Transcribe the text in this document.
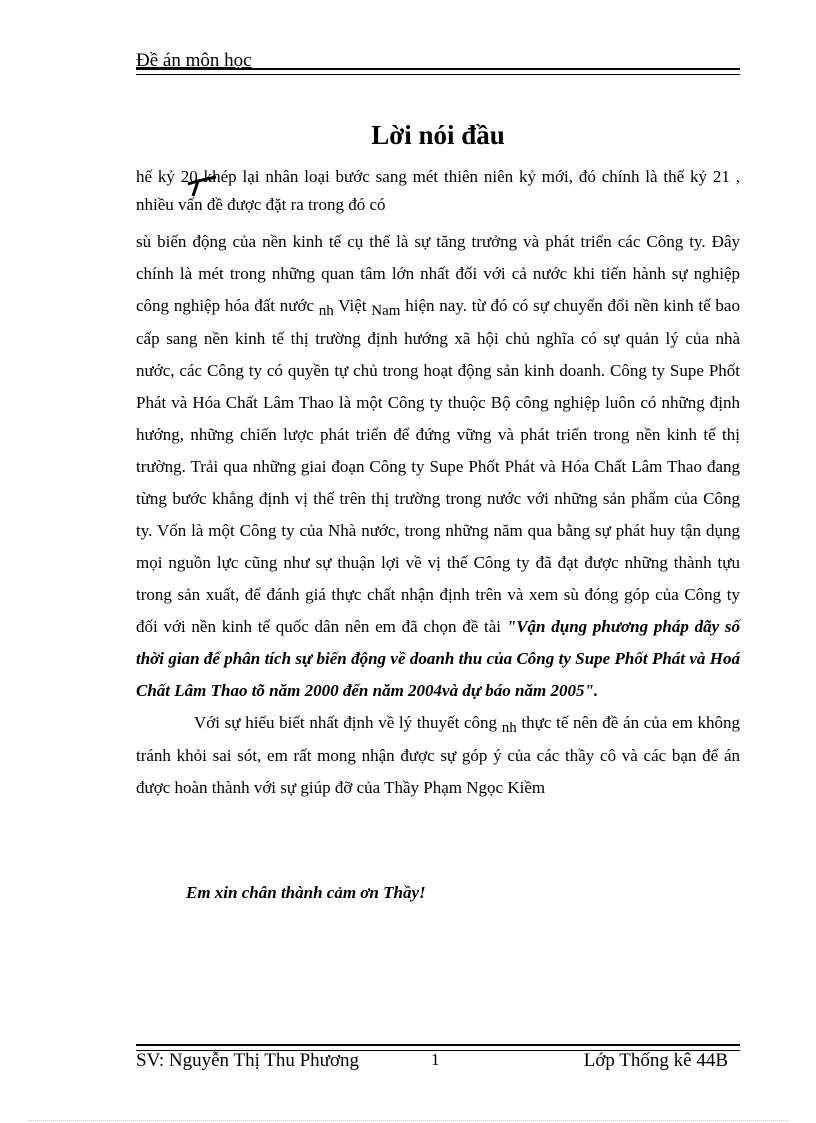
Đề án môn học
Lời nói đầu

hế kỷ 20 khép lại nhân loại bước sang mét thiên niên kỷ mới, đó chính là thế kỷ 21 , nhiều vấn đề được đặt ra trong đó có

sù biến động của nền kinh tế cụ thể là sự tăng trưởng và phát triển các Công ty. Đây chính là mét trong những quan tâm lớn nhất đối với cả nước khi tiến hành sự nghiệp công nghiệp hóa đất nước nh Việt Nam hiện nay. từ đó có sự chuyển đổi nền kinh tế bao cấp sang nền kinh tế thị trường định hướng xã hội chủ nghĩa có sự quản lý của nhà nước, các Công ty có quyền tự chủ trong hoạt động sản kinh doanh. Công ty Supe Phốt Phát và Hóa Chất Lâm Thao là một Công ty thuộc Bộ công nghiệp luôn có những định hướng, những chiến lược phát triển để đứng vững và phát triển trong nền kinh tế thị trường. Trải qua những giai đoạn Công ty Supe Phốt Phát và Hóa Chất Lâm Thao đang từng bước khẳng định vị thế trên thị trường trong nước với những sản phẩm của Công ty. Vốn là một Công ty của Nhà nước, trong những năm qua bằng sự phát huy tận dụng mọi nguồn lực cũng như sự thuận lợi về vị thế Công ty đã đạt được những thành tựu trong sản xuất, để đánh giá thực chất nhận định trên và xem sù đóng góp của Công ty đối với nền kinh tế quốc dân nên em đã chọn đề tài "Vận dụng phương pháp dãy số thời gian để phân tích sự biến động về doanh thu của Công ty Supe Phốt Phát và Hoá Chất Lâm Thao tõ năm 2000 đến năm 2004và dự báo năm 2005".

Với sự hiểu biết nhất định về lý thuyết công nh thực tế nên đề án của em không tránh khỏi sai sót, em rất mong nhận được sự góp ý của các thầy cô và các bạn để án được hoàn thành với sự giúp đỡ của Thầy Phạm Ngọc Kiềm

Em xin chân thành cảm ơn Thầy!
SV: Nguyễn Thị Thu Phương	1	Lớp Thống kê 44B
